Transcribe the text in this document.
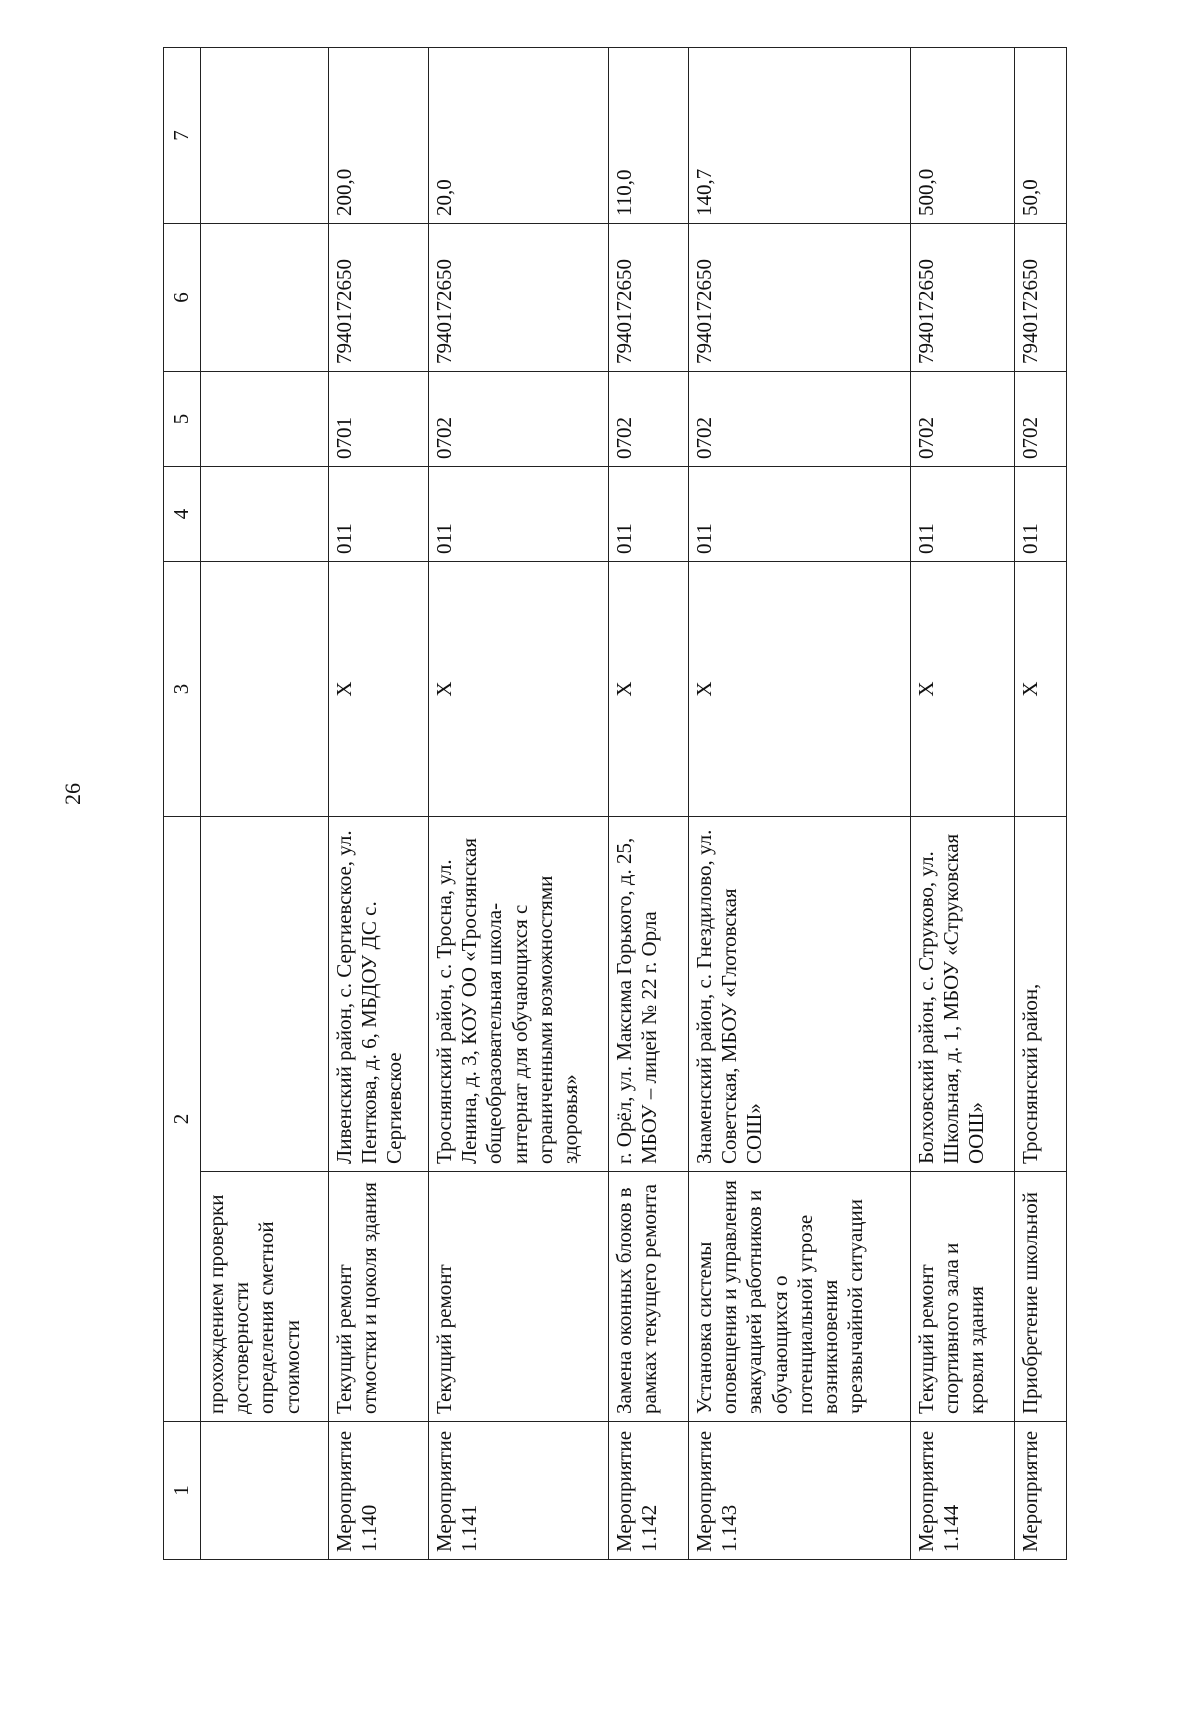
26
1	2		3	4	5	6	7
	прохождением проверки достоверности определения сметной стоимости						
Мероприятие 1.140	Текущий ремонт отмостки и цоколя здания	Ливенский район, с. Сергиевское, ул. Пенткова, д. 6, МБДОУ ДС с. Сергиевское	X	011	0701	7940172650	200,0
Мероприятие 1.141	Текущий ремонт	Троснянский район, с. Тросна, ул. Ленина, д. 3, КОУ ОО «Троснянская общеобразовательная школа-интернат для обучающихся с ограниченными возможностями здоровья»	X	011	0702	7940172650	20,0
Мероприятие 1.142	Замена оконных блоков в рамках текущего ремонта	г. Орёл, ул. Максима Горького, д. 25, МБОУ – лицей № 22 г. Орла	X	011	0702	7940172650	110,0
Мероприятие 1.143	Установка системы оповещения и управления эвакуацией работников и обучающихся о потенциальной угрозе возникновения чрезвычайной ситуации	Знаменский район, с. Гнездилово, ул. Советская, МБОУ «Глотовская СОШ»	X	011	0702	7940172650	140,7
Мероприятие 1.144	Текущий ремонт спортивного зала и кровли здания	Болховский район, с. Струково, ул. Школьная, д. 1, МБОУ «Струковская ООШ»	X	011	0702	7940172650	500,0
Мероприятие	Приобретение школьной	Троснянский район,	X	011	0702	7940172650	50,0
